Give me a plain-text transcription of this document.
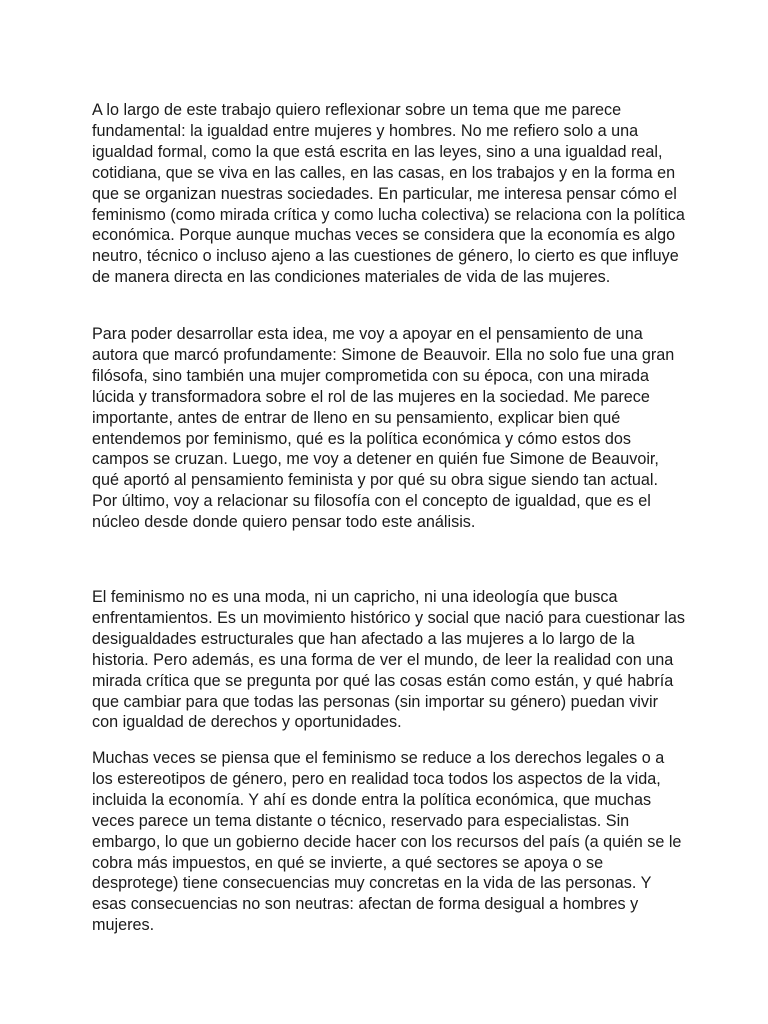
A lo largo de este trabajo quiero reflexionar sobre un tema que me parece fundamental: la igualdad entre mujeres y hombres. No me refiero solo a una igualdad formal, como la que está escrita en las leyes, sino a una igualdad real, cotidiana, que se viva en las calles, en las casas, en los trabajos y en la forma en que se organizan nuestras sociedades. En particular, me interesa pensar cómo el feminismo (como mirada crítica y como lucha colectiva) se relaciona con la política económica. Porque aunque muchas veces se considera que la economía es algo neutro, técnico o incluso ajeno a las cuestiones de género, lo cierto es que influye de manera directa en las condiciones materiales de vida de las mujeres.

Para poder desarrollar esta idea, me voy a apoyar en el pensamiento de una autora que marcó profundamente: Simone de Beauvoir. Ella no solo fue una gran filósofa, sino también una mujer comprometida con su época, con una mirada lúcida y transformadora sobre el rol de las mujeres en la sociedad. Me parece importante, antes de entrar de lleno en su pensamiento, explicar bien qué entendemos por feminismo, qué es la política económica y cómo estos dos campos se cruzan. Luego, me voy a detener en quién fue Simone de Beauvoir, qué aportó al pensamiento feminista y por qué su obra sigue siendo tan actual. Por último, voy a relacionar su filosofía con el concepto de igualdad, que es el núcleo desde donde quiero pensar todo este análisis.

El feminismo no es una moda, ni un capricho, ni una ideología que busca enfrentamientos. Es un movimiento histórico y social que nació para cuestionar las desigualdades estructurales que han afectado a las mujeres a lo largo de la historia. Pero además, es una forma de ver el mundo, de leer la realidad con una mirada crítica que se pregunta por qué las cosas están como están, y qué habría que cambiar para que todas las personas (sin importar su género) puedan vivir con igualdad de derechos y oportunidades.

Muchas veces se piensa que el feminismo se reduce a los derechos legales o a los estereotipos de género, pero en realidad toca todos los aspectos de la vida, incluida la economía. Y ahí es donde entra la política económica, que muchas veces parece un tema distante o técnico, reservado para especialistas. Sin embargo, lo que un gobierno decide hacer con los recursos del país (a quién se le cobra más impuestos, en qué se invierte, a qué sectores se apoya o se desprotege) tiene consecuencias muy concretas en la vida de las personas. Y esas consecuencias no son neutras: afectan de forma desigual a hombres y mujeres.
